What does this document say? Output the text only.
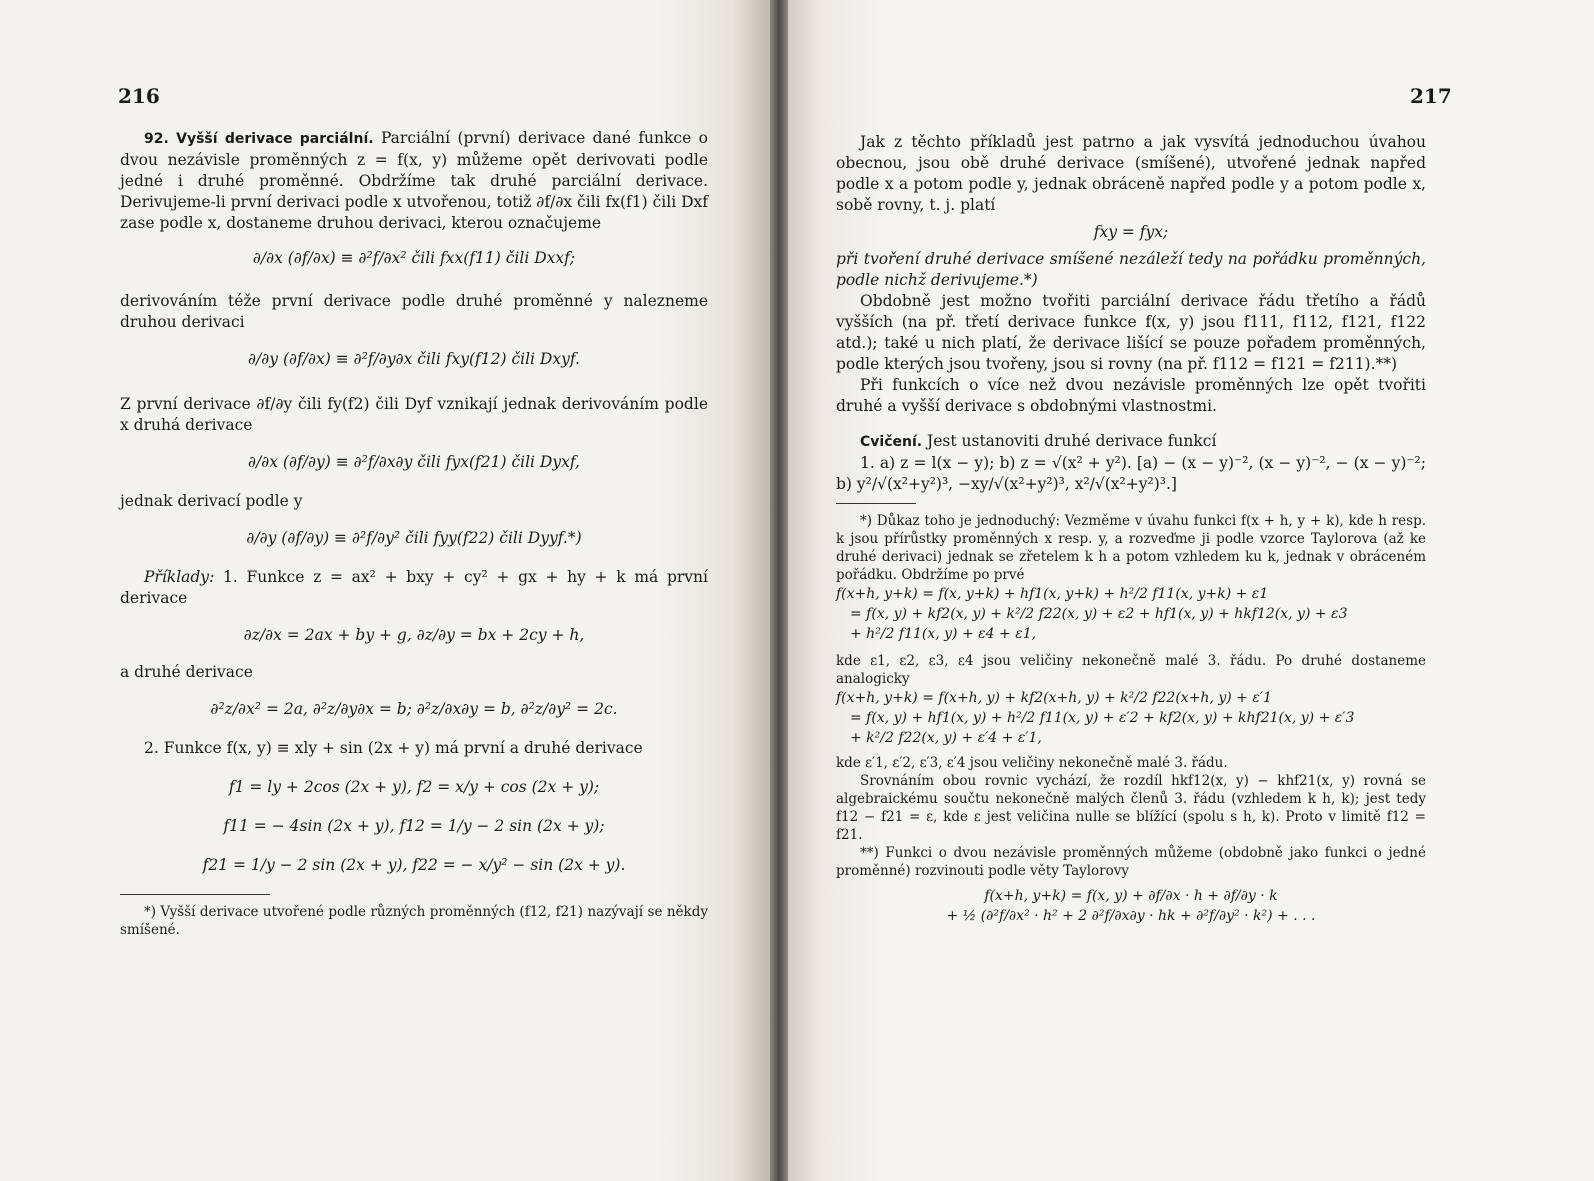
216

92. Vyšší derivace parciální. Parciální (první) derivace dané funkce o dvou nezávisle proměnných z = f(x, y) můžeme opět derivovati podle jedné i druhé proměnné. Obdržíme tak druhé parciální derivace. Derivujeme-li první derivaci podle x utvořenou, totiž ∂f/∂x čili fx(f1) čili Dxf zase podle x, dostaneme druhou derivaci, kterou označujeme

∂/∂x (∂f/∂x) ≡ ∂²f/∂x² čili fxx(f11) čili Dxxf;

derivováním téže první derivace podle druhé proměnné y nalezneme druhou derivaci

∂/∂y (∂f/∂x) ≡ ∂²f/∂y∂x čili fxy(f12) čili Dxyf.

Z první derivace ∂f/∂y čili fy(f2) čili Dyf vznikají jednak derivováním podle x druhá derivace

∂/∂x (∂f/∂y) ≡ ∂²f/∂x∂y čili fyx(f21) čili Dyxf,

jednak derivací podle y

∂/∂y (∂f/∂y) ≡ ∂²f/∂y² čili fyy(f22) čili Dyyf.*)

Příklady: 1. Funkce z = ax² + bxy + cy² + gx + hy + k má první derivace

∂z/∂x = 2ax + by + g, ∂z/∂y = bx + 2cy + h,

a druhé derivace

∂²z/∂x² = 2a, ∂²z/∂y∂x = b; ∂²z/∂x∂y = b, ∂²z/∂y² = 2c.

2. Funkce f(x, y) ≡ xly + sin (2x + y) má první a druhé derivace

f1 = ly + 2cos (2x + y), f2 = x/y + cos (2x + y);
f11 = − 4sin (2x + y), f12 = 1/y − 2 sin (2x + y);
f21 = 1/y − 2 sin (2x + y), f22 = − x/y² − sin (2x + y).

*) Vyšší derivace utvořené podle různých proměnných (f12, f21) nazývají se někdy smíšené.

217

Jak z těchto příkladů jest patrno a jak vysvítá jednoduchou úvahou obecnou, jsou obě druhé derivace (smíšené), utvořené jednak napřed podle x a potom podle y, jednak obráceně napřed podle y a potom podle x, sobě rovny, t. j. platí

fxy = fyx;

při tvoření druhé derivace smíšené nezáleží tedy na pořádku proměnných, podle nichž derivujeme.*)

Obdobně jest možno tvořiti parciální derivace řádu třetího a řádů vyšších (na př. třetí derivace funkce f(x, y) jsou f111, f112, f121, f122 atd.); také u nich platí, že derivace lišící se pouze pořadem proměnných, podle kterých jsou tvořeny, jsou si rovny (na př. f112 = f121 = f211).**)

Při funkcích o více než dvou nezávisle proměnných lze opět tvořiti druhé a vyšší derivace s obdobnými vlastnostmi.

Cvičení. Jest ustanoviti druhé derivace funkcí

1. a) z = l(x − y); b) z = √(x² + y²). [a) − (x − y)⁻², (x − y)⁻², − (x − y)⁻²; b) y²/√(x²+y²)³, −xy/√(x²+y²)³, x²/√(x²+y²)³.]

*) Důkaz toho je jednoduchý: Vezměme v úvahu funkci f(x + h, y + k), kde h resp. k jsou přírůstky proměnných x resp. y, a rozveďme ji podle vzorce Taylorova (až ke druhé derivaci) jednak se zřetelem k h a potom vzhledem ku k, jednak v obráceném pořádku. Obdržíme po prvé

f(x+h, y+k) = f(x, y+k) + hf1(x, y+k) + h²/2 f11(x, y+k) + ε1
= f(x, y) + kf2(x, y) + k²/2 f22(x, y) + ε2 + hf1(x, y) + hkf12(x, y) + ε3
+ h²/2 f11(x, y) + ε4 + ε1,

kde ε1, ε2, ε3, ε4 jsou veličiny nekonečně malé 3. řádu. Po druhé dostaneme analogicky

f(x+h, y+k) = f(x+h, y) + kf2(x+h, y) + k²/2 f22(x+h, y) + ε′1
= f(x, y) + hf1(x, y) + h²/2 f11(x, y) + ε′2 + kf2(x, y) + khf21(x, y) + ε′3
+ k²/2 f22(x, y) + ε′4 + ε′1,

kde ε′1, ε′2, ε′3, ε′4 jsou veličiny nekonečně malé 3. řádu.

Srovnáním obou rovnic vychází, že rozdíl hkf12(x, y) − khf21(x, y) rovná se algebraickému součtu nekonečně malých členů 3. řádu (vzhledem k h, k); jest tedy f12 − f21 = ε, kde ε jest veličina nulle se blížící (spolu s h, k). Proto v limitě f12 = f21.

**) Funkci o dvou nezávisle proměnných můžeme (obdobně jako funkci o jedné proměnné) rozvinouti podle věty Taylorovy

f(x+h, y+k) = f(x, y) + ∂f/∂x · h + ∂f/∂y · k
+ ½ (∂²f/∂x² · h² + 2 ∂²f/∂x∂y · hk + ∂²f/∂y² · k²) + . . .
